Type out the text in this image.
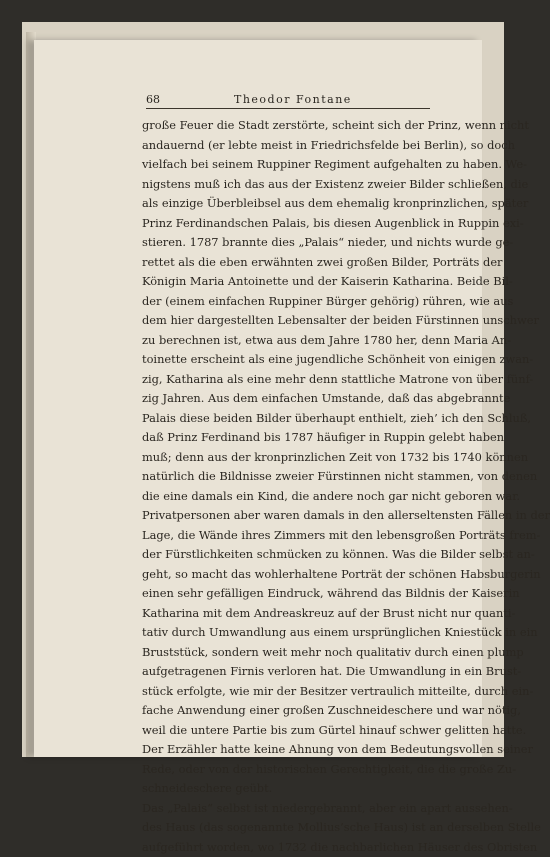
68	Theodor Fontane
große Feuer die Stadt zerstörte, scheint sich der Prinz, wenn nicht
andauernd (er lebte meist in Friedrichsfelde bei Berlin), so doch
vielfach bei seinem Ruppiner Regiment aufgehalten zu haben. We-
nigstens muß ich das aus der Existenz zweier Bilder schließen, die
als einzige Überbleibsel aus dem ehemalig kronprinzlichen, später
Prinz Ferdinandschen Palais, bis diesen Augenblick in Ruppin exi-
stieren. 1787 brannte dies „Palais“ nieder, und nichts wurde ge-
rettet als die eben erwähnten zwei großen Bilder, Porträts der
Königin Maria Antoinette und der Kaiserin Katharina. Beide Bil-
der (einem einfachen Ruppiner Bürger gehörig) rühren, wie aus
dem hier dargestellten Lebensalter der beiden Fürstinnen unschwer
zu berechnen ist, etwa aus dem Jahre 1780 her, denn Maria An-
toinette erscheint als eine jugendliche Schönheit von einigen zwan-
zig, Katharina als eine mehr denn stattliche Matrone von über fünf-
zig Jahren. Aus dem einfachen Umstande, daß das abgebrannte
Palais diese beiden Bilder überhaupt enthielt, zieh’ ich den Schluß,
daß Prinz Ferdinand bis 1787 häufiger in Ruppin gelebt haben
muß; denn aus der kronprinzlichen Zeit von 1732 bis 1740 können
natürlich die Bildnisse zweier Fürstinnen nicht stammen, von denen
die eine damals ein Kind, die andere noch gar nicht geboren war.
Privatpersonen aber waren damals in den allerseltensten Fällen in der
Lage, die Wände ihres Zimmers mit den lebensgroßen Porträts frem-
der Fürstlichkeiten schmücken zu können. Was die Bilder selbst an-
geht, so macht das wohlerhaltene Porträt der schönen Habsburgerin
einen sehr gefälligen Eindruck, während das Bildnis der Kaiserin
Katharina mit dem Andreaskreuz auf der Brust nicht nur quanti-
tativ durch Umwandlung aus einem ursprünglichen Kniestück in ein
Bruststück, sondern weit mehr noch qualitativ durch einen plump
aufgetragenen Firnis verloren hat. Die Umwandlung in ein Brust-
stück erfolgte, wie mir der Besitzer vertraulich mitteilte, durch ein-
fache Anwendung einer großen Zuschneideschere und war nötig,
weil die untere Partie bis zum Gürtel hinauf schwer gelitten hatte.
Der Erzähler hatte keine Ahnung von dem Bedeutungsvollen seiner
Rede, oder von der historischen Gerechtigkeit, die die große Zu-
schneideschere geübt.
Das „Palais“ selbst ist niedergebrannt, aber ein apart aussehen-
des Haus (das sogenannte Mollius’sche Haus) ist an derselben Stelle
aufgeführt worden, wo 1732 die nachbarlichen Häuser des Obristen
